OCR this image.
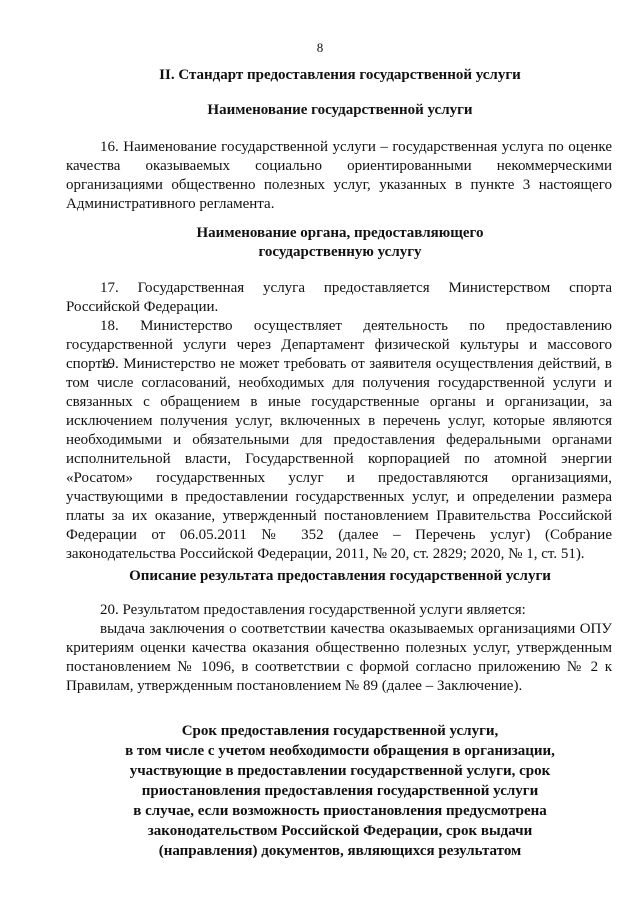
8
II. Стандарт предоставления государственной услуги
Наименование государственной услуги

16. Наименование государственной услуги – государственная услуга по оценке качества оказываемых социально ориентированными некоммерческими организациями общественно полезных услуг, указанных в пункте 3 настоящего Административного регламента.

Наименование органа, предоставляющего
государственную услугу

17. Государственная услуга предоставляется Министерством спорта Российской Федерации.

18. Министерство осуществляет деятельность по предоставлению государственной услуги через Департамент физической культуры и массового спорта.

19. Министерство не может требовать от заявителя осуществления действий, в том числе согласований, необходимых для получения государственной услуги и связанных с обращением в иные государственные органы и организации, за исключением получения услуг, включенных в перечень услуг, которые являются необходимыми и обязательными для предоставления федеральными органами исполнительной власти, Государственной корпорацией по атомной энергии «Росатом» государственных услуг и предоставляются организациями, участвующими в предоставлении государственных услуг, и определении размера платы за их оказание, утвержденный постановлением Правительства Российской Федерации от 06.05.2011 № 352 (далее – Перечень услуг) (Собрание законодательства Российской Федерации, 2011, № 20, ст. 2829; 2020, № 1, ст. 51).

Описание результата предоставления государственной услуги

20. Результатом предоставления государственной услуги является:

выдача заключения о соответствии качества оказываемых организациями ОПУ критериям оценки качества оказания общественно полезных услуг, утвержденным постановлением № 1096, в соответствии с формой согласно приложению № 2 к Правилам, утвержденным постановлением № 89 (далее – Заключение).

Срок предоставления государственной услуги,
в том числе с учетом необходимости обращения в организации,
участвующие в предоставлении государственной услуги, срок
приостановления предоставления государственной услуги
в случае, если возможность приостановления предусмотрена
законодательством Российской Федерации, срок выдачи
(направления) документов, являющихся результатом
